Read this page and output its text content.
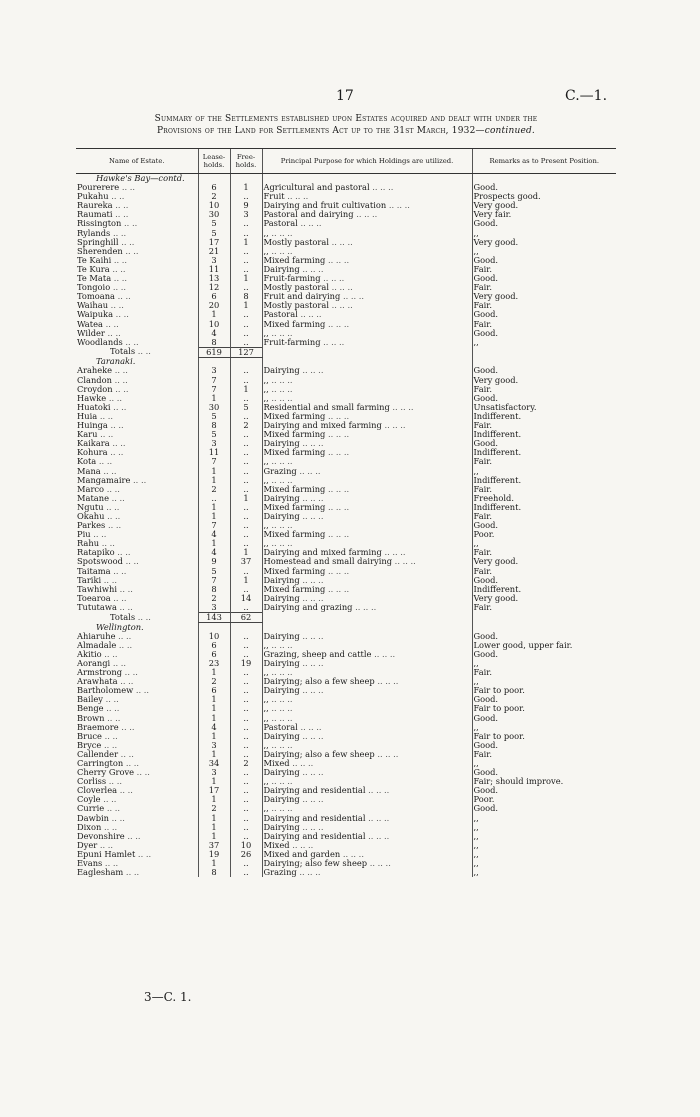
17	C.—1.
Summary of the Settlements established upon Estates acquired and dealt with under the
Provisions of the Land for Settlements Act up to the 31st March, 1932—continued.
Name of Estate.	Lease-holds.	Free-holds.	Principal Purpose for which Holdings are utilized.	Remarks as to Present Position.
Hawke's Bay—contd.				
Pourerere .. ..	6	1	Agricultural and pastoral .. .. ..	Good.
Pukahu .. ..	2	..	Fruit .. .. ..	Prospects good.
Raureka .. ..	10	9	Dairying and fruit cultivation .. .. ..	Very good.
Raumati .. ..	30	3	Pastoral and dairying .. .. ..	Very fair.
Rissington .. ..	5	..	Pastoral .. .. ..	Good.
Rylands .. ..	5	..	,, .. .. ..	,,
Springhill .. ..	17	1	Mostly pastoral .. .. ..	Very good.
Sherenden .. ..	21	..	,, .. .. ..	,,
Te Kaihi .. ..	3	..	Mixed farming .. .. ..	Good.
Te Kura .. ..	11	..	Dairying .. .. ..	Fair.
Te Mata .. ..	13	1	Fruit-farming .. .. ..	Good.
Tongoio .. ..	12	..	Mostly pastoral .. .. ..	Fair.
Tomoana .. ..	6	8	Fruit and dairying .. .. ..	Very good.
Waihau .. ..	20	1	Mostly pastoral .. .. ..	Fair.
Waipuka .. ..	1	..	Pastoral .. .. ..	Good.
Watea .. ..	10	..	Mixed farming .. .. ..	Fair.
Wilder .. ..	4	..	,, .. .. ..	Good.
Woodlands .. ..	8	..	Fruit-farming .. .. ..	,,
Totals .. ..	619	127		
Taranaki.				
Araheke .. ..	3	..	Dairying .. .. ..	Good.
Clandon .. ..	7	..	,, .. .. ..	Very good.
Croydon .. ..	7	1	,, .. .. ..	Fair.
Hawke .. ..	1	..	,, .. .. ..	Good.
Huatoki .. ..	30	5	Residential and small farming .. .. ..	Unsatisfactory.
Huia .. ..	5	..	Mixed farming .. .. ..	Indifferent.
Huinga .. ..	8	2	Dairying and mixed farming .. .. ..	Fair.
Karu .. ..	5	..	Mixed farming .. .. ..	Indifferent.
Kaikara .. ..	3	..	Dairying .. .. ..	Good.
Kohura .. ..	11	..	Mixed farming .. .. ..	Indifferent.
Kota .. ..	7	..	,, .. .. ..	Fair.
Mana .. ..	1	..	Grazing .. .. ..	,,
Mangamaire .. ..	1	..	,, .. .. ..	Indifferent.
Marco .. ..	2	..	Mixed farming .. .. ..	Fair.
Matane .. ..	..	1	Dairying .. .. ..	Freehold.
Ngutu .. ..	1	..	Mixed farming .. .. ..	Indifferent.
Okahu .. ..	1	..	Dairying .. .. ..	Fair.
Parkes .. ..	7	..	,, .. .. ..	Good.
Piu .. ..	4	..	Mixed farming .. .. ..	Poor.
Rahu .. ..	1	..	,, .. .. ..	,,
Ratapiko .. ..	4	1	Dairying and mixed farming .. .. ..	Fair.
Spotswood .. ..	9	37	Homestead and small dairying .. .. ..	Very good.
Taitama .. ..	5	..	Mixed farming .. .. ..	Fair.
Tariki .. ..	7	1	Dairying .. .. ..	Good.
Tawhiwhi .. ..	8	..	Mixed farming .. .. ..	Indifferent.
Toearoa .. ..	2	14	Dairying .. .. ..	Very good.
Tututawa .. ..	3	..	Dairying and grazing .. .. ..	Fair.
Totals .. ..	143	62		
Wellington.				
Ahiaruhe .. ..	10	..	Dairying .. .. ..	Good.
Almadale .. ..	6	..	,, .. .. ..	Lower good, upper fair.
Akitio .. ..	6	..	Grazing, sheep and cattle .. .. ..	Good.
Aorangi .. ..	23	19	Dairying .. .. ..	,,
Armstrong .. ..	1	..	,, .. .. ..	Fair.
Arawhata .. ..	2	..	Dairying; also a few sheep .. .. ..	,,
Bartholomew .. ..	6	..	Dairying .. .. ..	Fair to poor.
Bailey .. ..	1	..	,, .. .. ..	Good.
Benge .. ..	1	..	,, .. .. ..	Fair to poor.
Brown .. ..	1	..	,, .. .. ..	Good.
Braemore .. ..	4	..	Pastoral .. .. ..	,,
Bruce .. ..	1	..	Dairying .. .. ..	Fair to poor.
Bryce .. ..	3	..	,, .. .. ..	Good.
Callender .. ..	1	..	Dairying; also a few sheep .. .. ..	Fair.
Carrington .. ..	34	2	Mixed .. .. ..	,,
Cherry Grove .. ..	3	..	Dairying .. .. ..	Good.
Corliss .. ..	1	..	,, .. .. ..	Fair; should improve.
Cloverlea .. ..	17	..	Dairying and residential .. .. ..	Good.
Coyle .. ..	1	..	Dairying .. .. ..	Poor.
Currie .. ..	2	..	,, .. .. ..	Good.
Dawbin .. ..	1	..	Dairying and residential .. .. ..	,,
Dixon .. ..	1	..	Dairying .. .. ..	,,
Devonshire .. ..	1	..	Dairying and residential .. .. ..	,,
Dyer .. ..	37	10	Mixed .. .. ..	,,
Epuni Hamlet .. ..	19	26	Mixed and garden .. .. ..	,,
Evans .. ..	1	..	Dairying; also few sheep .. .. ..	,,
Eaglesham .. ..	8	..	Grazing .. .. ..	,,
3—C. 1.
